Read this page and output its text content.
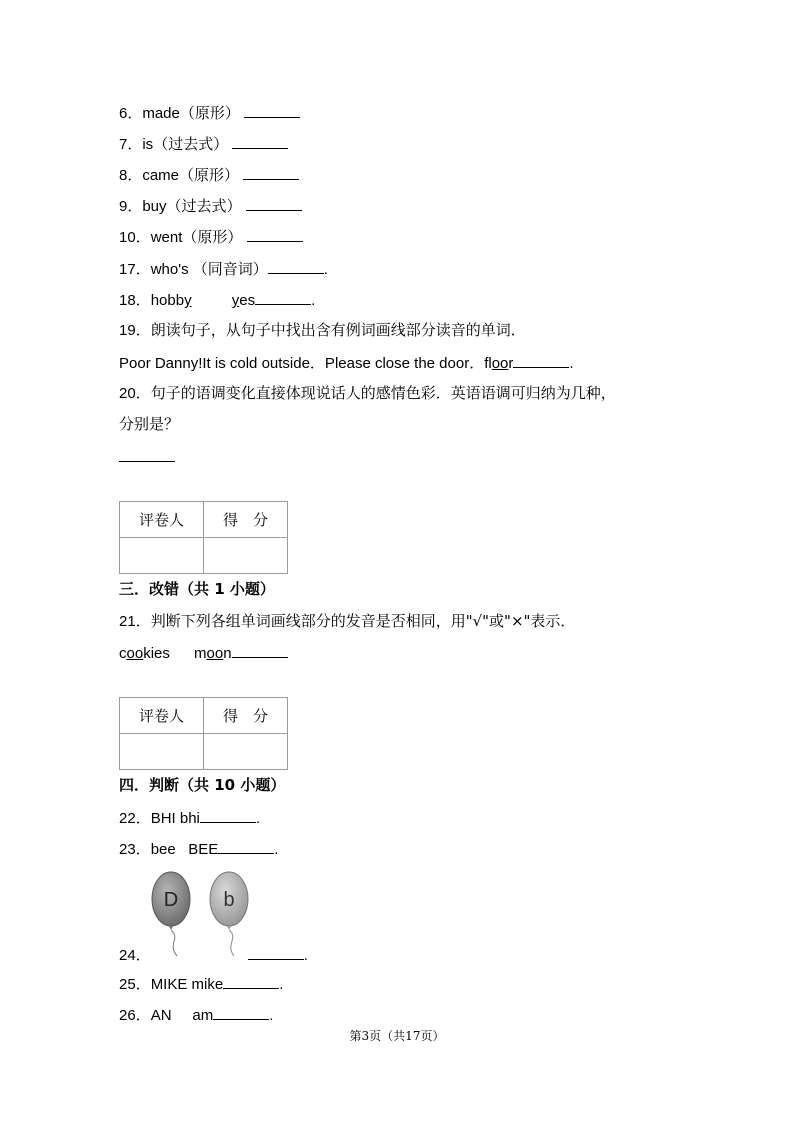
6．made（原形）
7．is（过去式）
8．came（原形）
9．buy（过去式）
10．went（原形）
17．who's （同音词）	.
18．hobby	yes	.
19．朗读句子，从句子中找出含有例词画线部分读音的单词．
Poor Danny!It is cold outside．Please close the door．floor	.
20．句子的语调变化直接体现说话人的感情色彩．英语语调可归纳为几种，
分别是？
评卷人	得　分

三．改错（共 1 小题）
21．判断下列各组单词画线部分的发音是否相同，用"√"或"×"表示．
cookies moon
评卷人	得　分

四．判断（共 10 小题）
22．BHI bhi	.
23．bee   BEE	.
D b
24．	.
25．MIKE mike	.
26．AN     am	.
第3页（共17页）
